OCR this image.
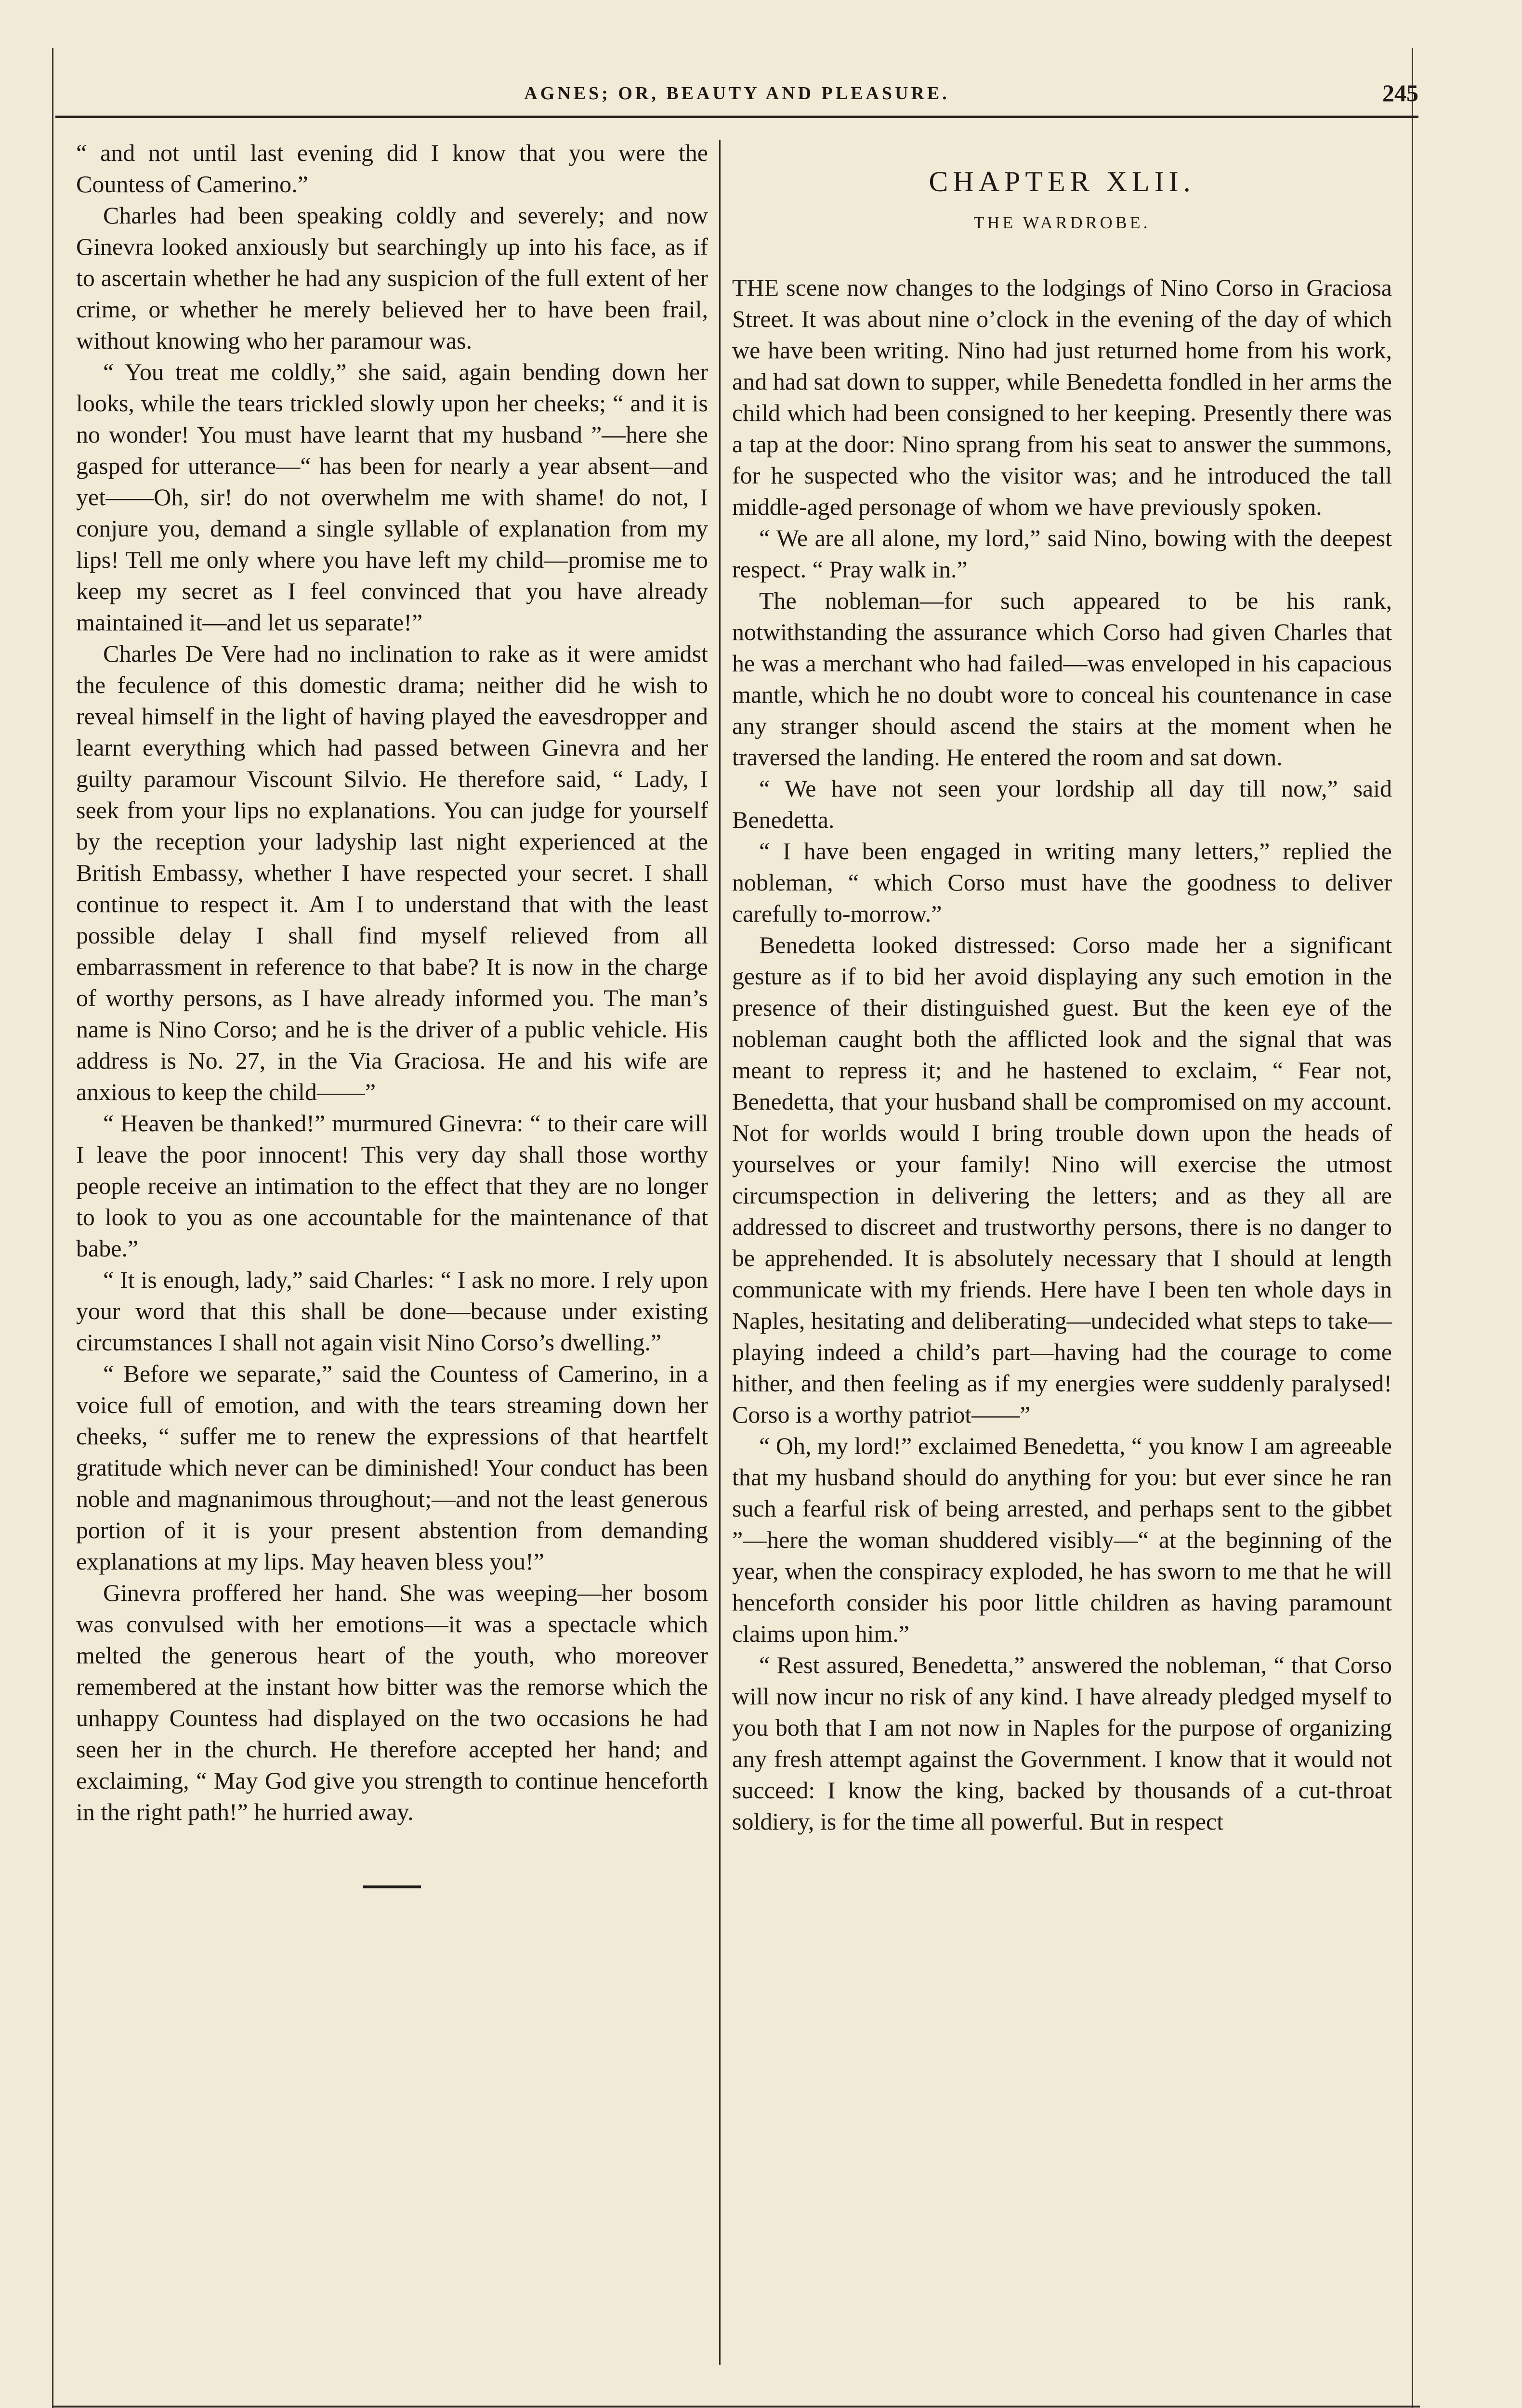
AGNES; OR, BEAUTY AND PLEASURE.	245

“ and not until last evening did I know that you were the Countess of Camerino.”

Charles had been speaking coldly and severely; and now Ginevra looked anxiously but searchingly up into his face, as if to ascertain whether he had any suspicion of the full extent of her crime, or whether he merely believed her to have been frail, without knowing who her paramour was.

“ You treat me coldly,” she said, again bending down her looks, while the tears trickled slowly upon her cheeks; “ and it is no wonder! You must have learnt that my husband ”—here she gasped for utterance—“ has been for nearly a year absent—and yet——Oh, sir! do not overwhelm me with shame! do not, I conjure you, demand a single syllable of explanation from my lips! Tell me only where you have left my child—promise me to keep my secret as I feel convinced that you have already maintained it—and let us separate!”

Charles De Vere had no inclination to rake as it were amidst the feculence of this domestic drama; neither did he wish to reveal himself in the light of having played the eavesdropper and learnt everything which had passed between Ginevra and her guilty paramour Viscount Silvio. He therefore said, “ Lady, I seek from your lips no explanations. You can judge for yourself by the reception your ladyship last night experienced at the British Embassy, whether I have respected your secret. I shall continue to respect it. Am I to understand that with the least possible delay I shall find myself relieved from all embarrassment in reference to that babe? It is now in the charge of worthy persons, as I have already informed you. The man’s name is Nino Corso; and he is the driver of a public vehicle. His address is No. 27, in the Via Graciosa. He and his wife are anxious to keep the child——”

“ Heaven be thanked!” murmured Ginevra: “ to their care will I leave the poor innocent! This very day shall those worthy people receive an intimation to the effect that they are no longer to look to you as one accountable for the maintenance of that babe.”

“ It is enough, lady,” said Charles: “ I ask no more. I rely upon your word that this shall be done—because under existing circumstances I shall not again visit Nino Corso’s dwelling.”

“ Before we separate,” said the Countess of Camerino, in a voice full of emotion, and with the tears streaming down her cheeks, “ suffer me to renew the expressions of that heartfelt gratitude which never can be diminished! Your conduct has been noble and magnanimous throughout;—and not the least generous portion of it is your present abstention from demanding explanations at my lips. May heaven bless you!”

Ginevra proffered her hand. She was weeping—her bosom was convulsed with her emotions—it was a spectacle which melted the generous heart of the youth, who moreover remembered at the instant how bitter was the remorse which the unhappy Countess had displayed on the two occasions he had seen her in the church. He therefore accepted her hand; and exclaiming, “ May God give you strength to continue henceforth in the right path!” he hurried away.

CHAPTER XLII.
THE WARDROBE.

THE scene now changes to the lodgings of Nino Corso in Graciosa Street. It was about nine o’clock in the evening of the day of which we have been writing. Nino had just returned home from his work, and had sat down to supper, while Benedetta fondled in her arms the child which had been consigned to her keeping. Presently there was a tap at the door: Nino sprang from his seat to answer the summons, for he suspected who the visitor was; and he introduced the tall middle-aged personage of whom we have previously spoken.

“ We are all alone, my lord,” said Nino, bowing with the deepest respect. “ Pray walk in.”

The nobleman—for such appeared to be his rank, notwithstanding the assurance which Corso had given Charles that he was a merchant who had failed—was enveloped in his capacious mantle, which he no doubt wore to conceal his countenance in case any stranger should ascend the stairs at the moment when he traversed the landing. He entered the room and sat down.

“ We have not seen your lordship all day till now,” said Benedetta.

“ I have been engaged in writing many letters,” replied the nobleman, “ which Corso must have the goodness to deliver carefully to-morrow.”

Benedetta looked distressed: Corso made her a significant gesture as if to bid her avoid displaying any such emotion in the presence of their distinguished guest. But the keen eye of the nobleman caught both the afflicted look and the signal that was meant to repress it; and he hastened to exclaim, “ Fear not, Benedetta, that your husband shall be compromised on my account. Not for worlds would I bring trouble down upon the heads of yourselves or your family! Nino will exercise the utmost circumspection in delivering the letters; and as they all are addressed to discreet and trustworthy persons, there is no danger to be apprehended. It is absolutely necessary that I should at length communicate with my friends. Here have I been ten whole days in Naples, hesitating and deliberating—undecided what steps to take—playing indeed a child’s part—having had the courage to come hither, and then feeling as if my energies were suddenly paralysed! Corso is a worthy patriot——”

“ Oh, my lord!” exclaimed Benedetta, “ you know I am agreeable that my husband should do anything for you: but ever since he ran such a fearful risk of being arrested, and perhaps sent to the gibbet ”—here the woman shuddered visibly—“ at the beginning of the year, when the conspiracy exploded, he has sworn to me that he will henceforth consider his poor little children as having paramount claims upon him.”

“ Rest assured, Benedetta,” answered the nobleman, “ that Corso will now incur no risk of any kind. I have already pledged myself to you both that I am not now in Naples for the purpose of organizing any fresh attempt against the Government. I know that it would not succeed: I know the king, backed by thousands of a cut-throat soldiery, is for the time all powerful. But in respect
